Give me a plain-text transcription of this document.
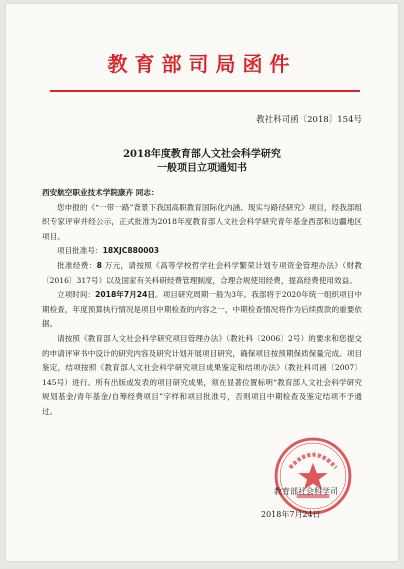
教育部司局函件
教社科司函〔2018〕154号
2018年度教育部人文社会科学研究
一般项目立项通知书

西安航空职业技术学院康卉 同志：

您申报的《“一带一路”背景下我国高职教育国际化内涵、现实与路径研究》项目，经我部组织专家评审并经公示，正式批准为2018年度教育部人文社会科学研究青年基金西部和边疆地区项目。

项目批准号：18XJC880003

批准经费：8 万元，请按照《高等学校哲学社会科学繁荣计划专项资金管理办法》（财教〔2016〕317号）以及国家有关科研经费管理制度，合理合规使用经费，提高经费使用效益。

立项时间：2018年7月24日。项目研究周期一般为3年。我部将于2020年统一组织项目中期检查，年度预算执行情况是项目中期检查的内容之一，中期检查情况将作为后续拨款的重要依据。

请按照《教育部人文社会科学研究项目管理办法》（教社科〔2006〕2号）的要求和您提交的申请评审书中设计的研究内容及研究计划开展项目研究，确保项目按预期保质保量完成。项目鉴定，结项按照《教育部人文社会科学研究项目成果鉴定和结项办法》（教社科司函〔2007〕145号）进行。所有出版或发表的项目研究成果，须在显著位置标明“教育部人文社会科学研究规划基金/青年基金/自筹经费项目”字样和项目批准号，否则项目中期检查及鉴定结项不予通过。

教育部社会科学司
2018年7月24日
